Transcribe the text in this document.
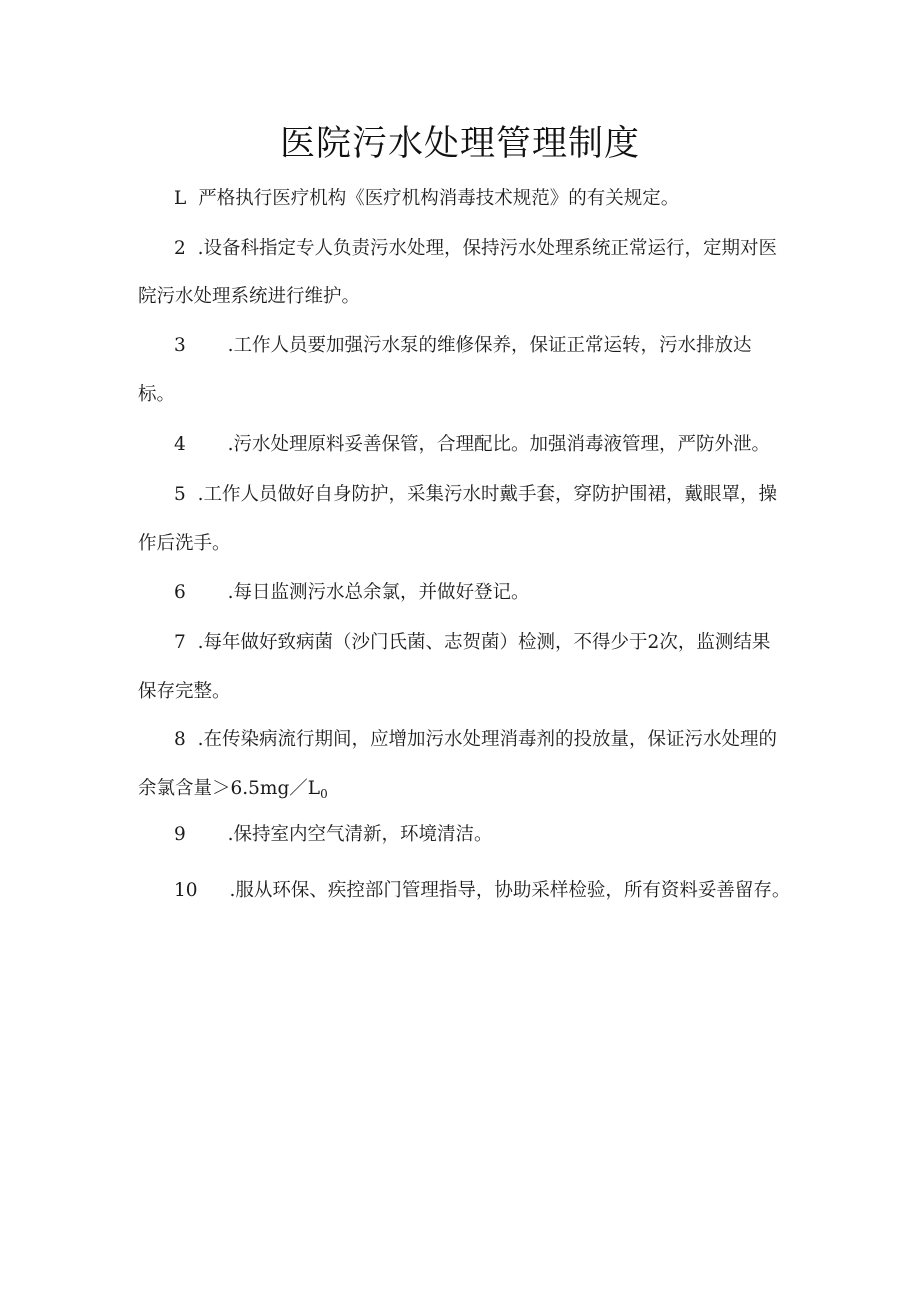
医院污水处理管理制度
L 严格执行医疗机构《医疗机构消毒技术规范》的有关规定。
2 .设备科指定专人负责污水处理，保持污水处理系统正常运行，定期对医
院污水处理系统进行维护。
3 .工作人员要加强污水泵的维修保养，保证正常运转，污水排放达
标。
4 .污水处理原料妥善保管，合理配比。加强消毒液管理，严防外泄。
5 .工作人员做好自身防护，采集污水时戴手套，穿防护围裙，戴眼罩，操
作后洗手。
6 .每日监测污水总余氯，并做好登记。
7 .每年做好致病菌（沙门氏菌、志贺菌）检测，不得少于2次，监测结果
保存完整。
8 .在传染病流行期间，应增加污水处理消毒剂的投放量，保证污水处理的
余氯含量$>6.5mg/L_0$
9 .保持室内空气清新，环境清洁。
10 .服从环保、疾控部门管理指导，协助采样检验，所有资料妥善留存。
